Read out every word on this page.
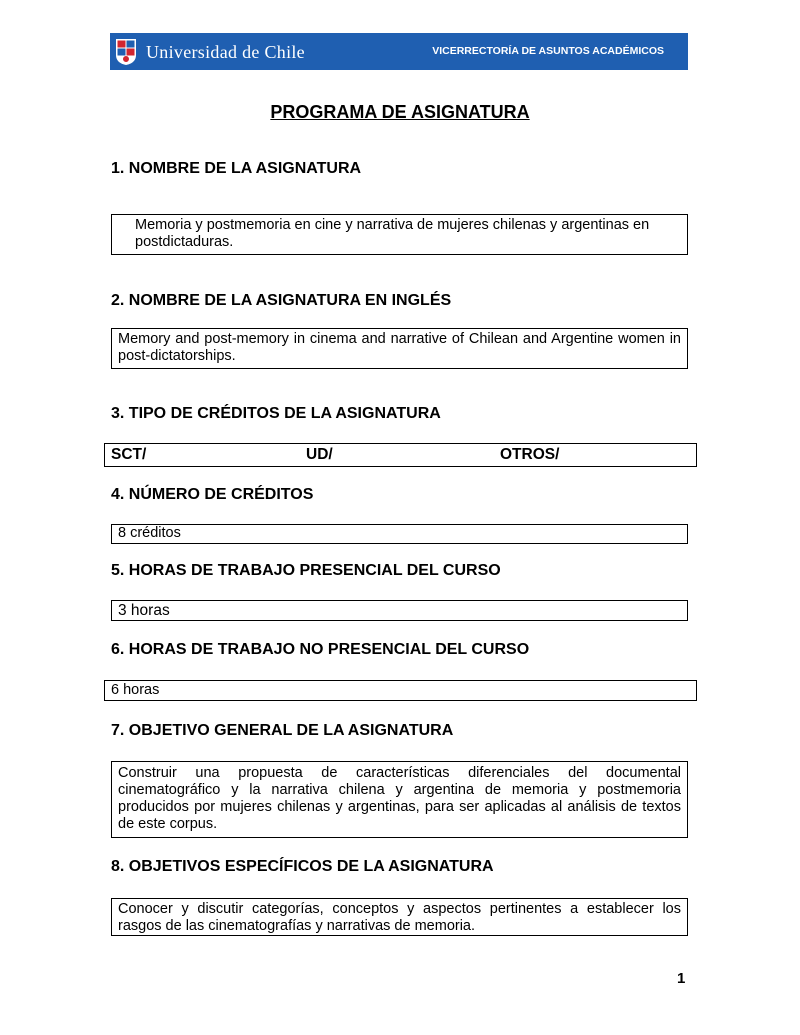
Universidad de Chile	VICERRECTORÍA DE ASUNTOS ACADÉMICOS
PROGRAMA DE ASIGNATURA
1. NOMBRE DE LA ASIGNATURA
Memoria y postmemoria en cine y narrativa de mujeres chilenas y argentinas en postdictaduras.
2. NOMBRE DE LA ASIGNATURA EN INGLÉS
Memory and post-memory in cinema and narrative of Chilean and Argentine women in post-dictatorships.
3. TIPO DE CRÉDITOS DE LA ASIGNATURA
SCT/	UD/	OTROS/
4. NÚMERO DE CRÉDITOS
8 créditos
5. HORAS DE TRABAJO PRESENCIAL DEL CURSO
3 horas
6. HORAS DE TRABAJO NO PRESENCIAL DEL CURSO
6 horas
7. OBJETIVO GENERAL DE LA ASIGNATURA
Construir una propuesta de características diferenciales del documental cinematográfico y la narrativa chilena y argentina de memoria y postmemoria producidos por mujeres chilenas y argentinas, para ser aplicadas al análisis de textos de este corpus.
8. OBJETIVOS ESPECÍFICOS DE LA ASIGNATURA
Conocer y discutir categorías, conceptos y aspectos pertinentes a establecer los rasgos de las cinematografías y narrativas de memoria.
1
